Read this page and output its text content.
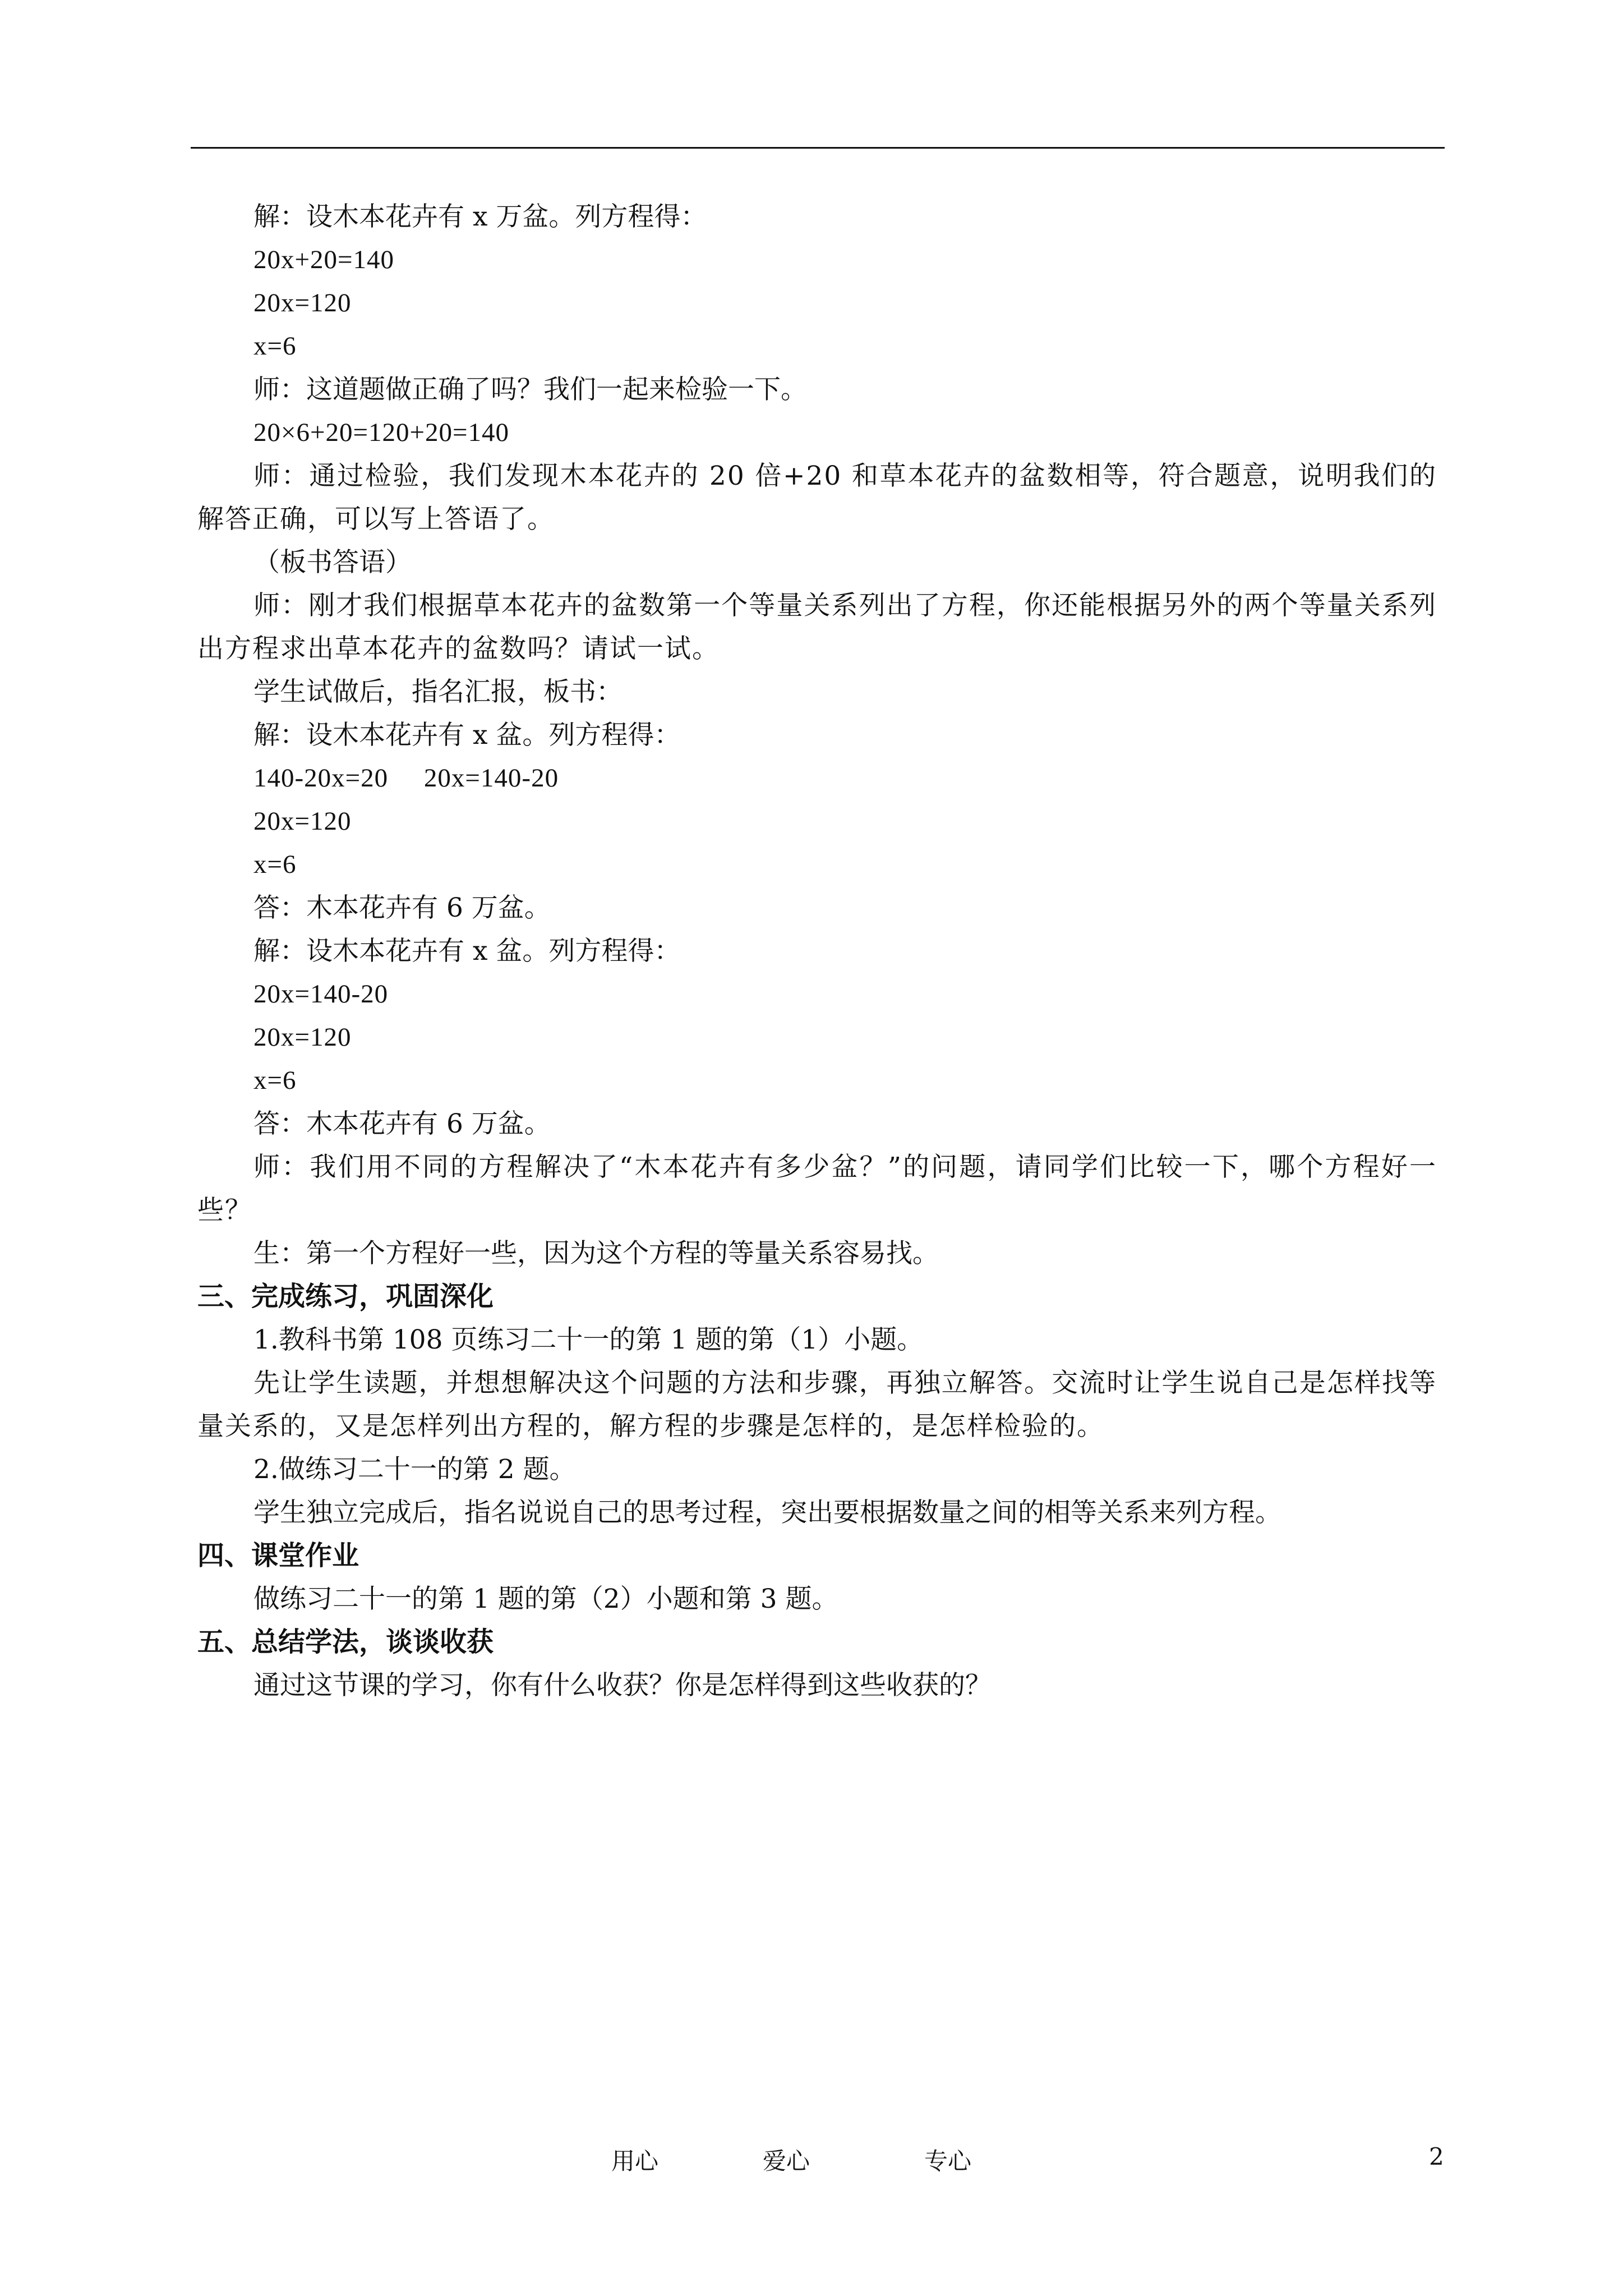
解：设木本花卉有 x 万盆。列方程得：
20x+20=140
20x=120
x=6
师：这道题做正确了吗？我们一起来检验一下。
20×6+20=120+20=140
师：通过检验，我们发现木本花卉的 20 倍+20 和草本花卉的盆数相等，符合题意，说明我们的解答正确，可以写上答语了。
（板书答语）
师：刚才我们根据草本花卉的盆数第一个等量关系列出了方程，你还能根据另外的两个等量关系列出方程求出草本花卉的盆数吗？请试一试。
学生试做后，指名汇报，板书：
解：设木本花卉有 x 盆。列方程得：
140-20x=20     20x=140-20
20x=120
x=6
答：木本花卉有 6 万盆。
解：设木本花卉有 x 盆。列方程得：
20x=140-20
20x=120
x=6
答：木本花卉有 6 万盆。
师：我们用不同的方程解决了“木本花卉有多少盆？”的问题，请同学们比较一下，哪个方程好一些？
生：第一个方程好一些，因为这个方程的等量关系容易找。
三、完成练习，巩固深化
1.教科书第 108 页练习二十一的第 1 题的第（1）小题。
先让学生读题，并想想解决这个问题的方法和步骤，再独立解答。交流时让学生说自己是怎样找等量关系的，又是怎样列出方程的，解方程的步骤是怎样的，是怎样检验的。
2.做练习二十一的第 2 题。
学生独立完成后，指名说说自己的思考过程，突出要根据数量之间的相等关系来列方程。
四、课堂作业
做练习二十一的第 1 题的第（2）小题和第 3 题。
五、总结学法，谈谈收获
通过这节课的学习，你有什么收获？你是怎样得到这些收获的？
用心	爱心	专心	2
